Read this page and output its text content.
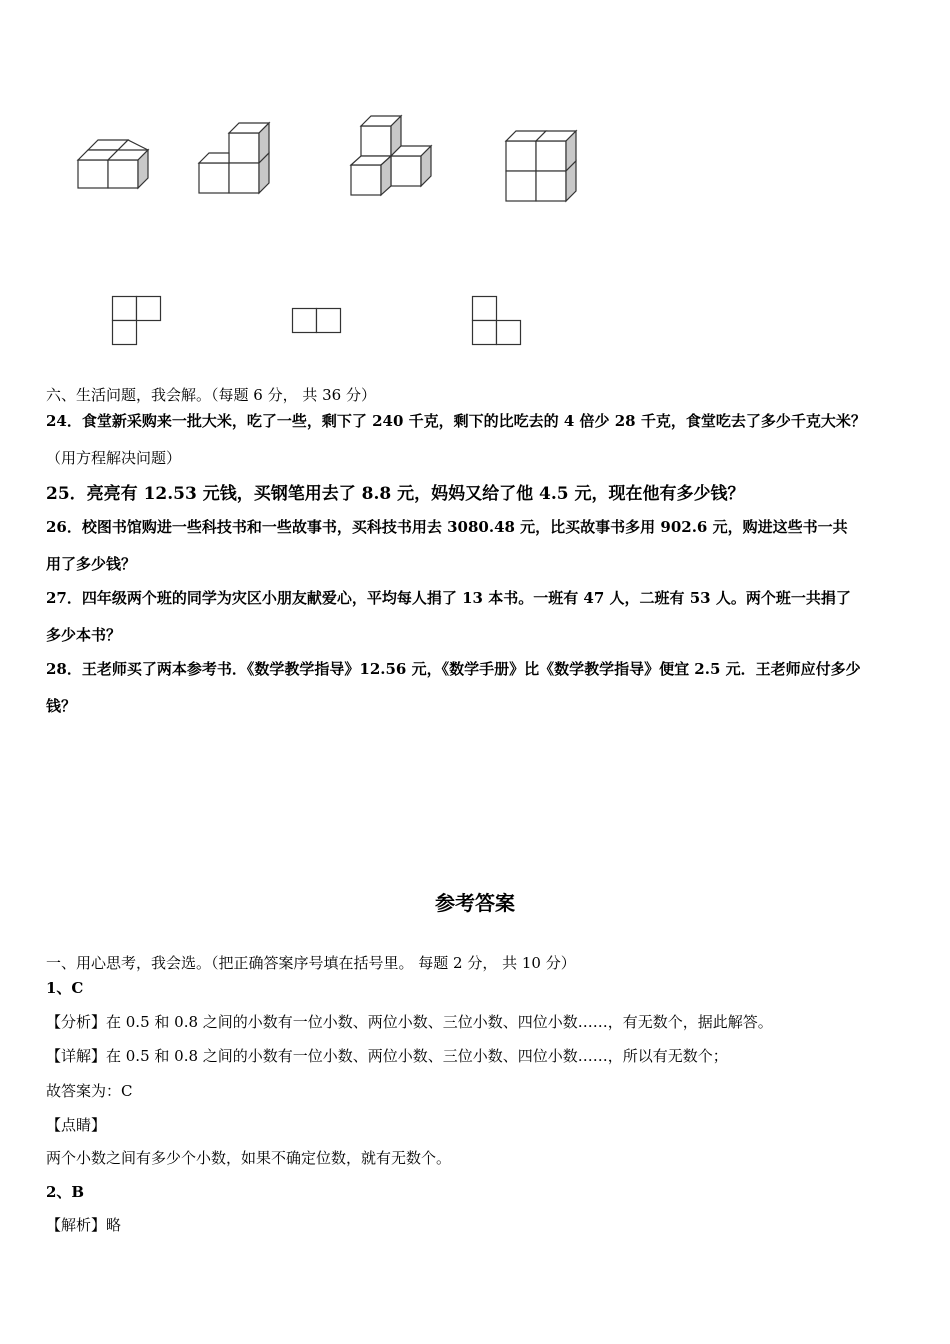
六、生活问题，我会解。（每题 6 分， 共 36 分）
24．食堂新采购来一批大米，吃了一些，剩下了 240 千克，剩下的比吃去的 4 倍少 28 千克，食堂吃去了多少千克大米？
（用方程解决问题）
25．亮亮有 12.53 元钱，买钢笔用去了 8.8 元，妈妈又给了他 4.5 元，现在他有多少钱？
26．校图书馆购进一些科技书和一些故事书，买科技书用去 3080.48 元，比买故事书多用 902.6 元，购进这些书一共
用了多少钱？
27．四年级两个班的同学为灾区小朋友献爱心，平均每人捐了 13 本书。一班有 47 人，二班有 53 人。两个班一共捐了
多少本书？
28．王老师买了两本参考书．《数学教学指导》12.56 元，《数学手册》比《数学教学指导》便宜 2.5 元．王老师应付多少
钱？
参考答案
一、用心思考，我会选。（把正确答案序号填在括号里。 每题 2 分， 共 10 分）
1、C
【分析】在 0.5 和 0.8 之间的小数有一位小数、两位小数、三位小数、四位小数……，有无数个，据此解答。
【详解】在 0.5 和 0.8 之间的小数有一位小数、两位小数、三位小数、四位小数……，所以有无数个；
故答案为：C
【点睛】
两个小数之间有多少个小数，如果不确定位数，就有无数个。
2、B
【解析】略
